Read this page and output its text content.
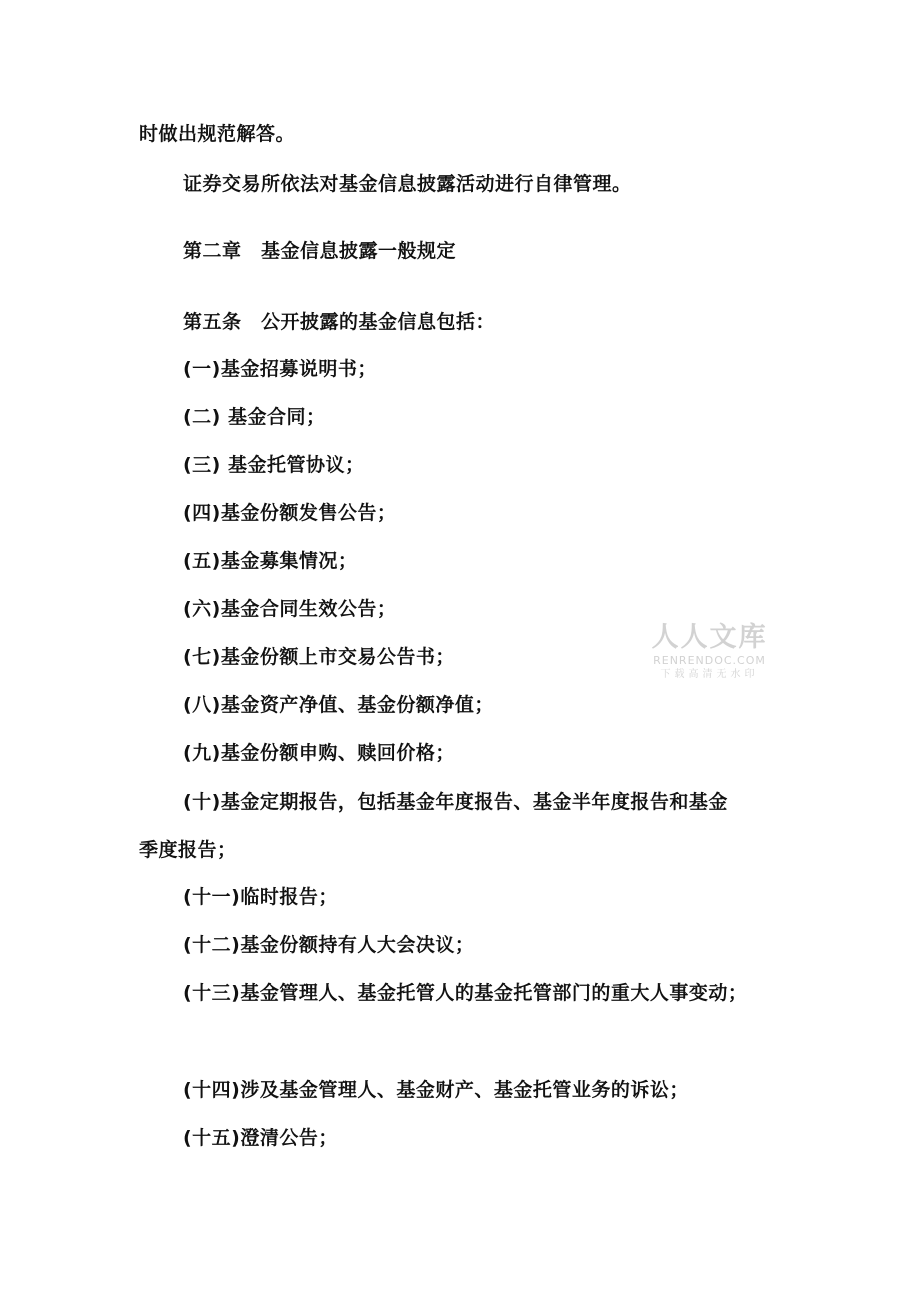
时做出规范解答。

证券交易所依法对基金信息披露活动进行自律管理。

第二章　基金信息披露一般规定

第五条　公开披露的基金信息包括：

(一)基金招募说明书；

(二) 基金合同；

(三) 基金托管协议；

(四)基金份额发售公告；

(五)基金募集情况；

(六)基金合同生效公告；

(七)基金份额上市交易公告书；

(八)基金资产净值、基金份额净值；

(九)基金份额申购、赎回价格；

(十)基金定期报告，包括基金年度报告、基金半年度报告和基金

季度报告；

(十一)临时报告；

(十二)基金份额持有人大会决议；

(十三)基金管理人、基金托管人的基金托管部门的重大人事变动；

(十四)涉及基金管理人、基金财产、基金托管业务的诉讼；

(十五)澄清公告；

人人文库
RENRENDOC.COM
下载高清无水印
